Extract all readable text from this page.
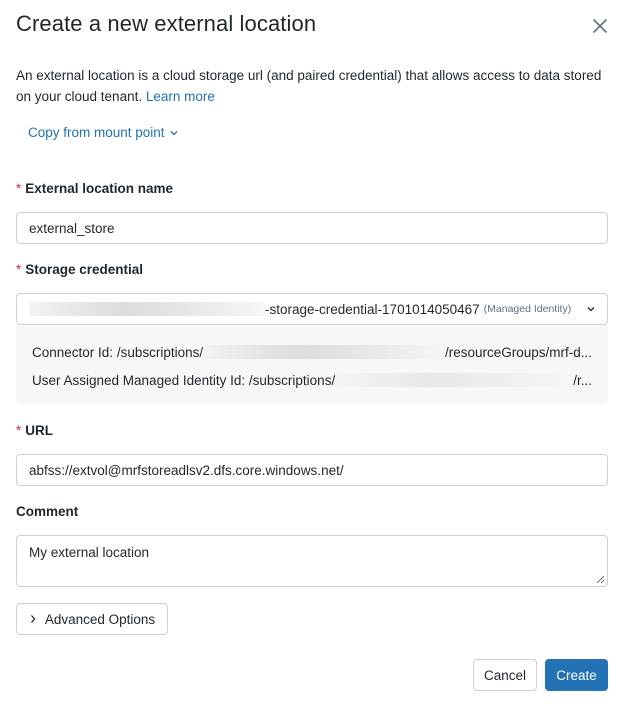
Create a new external location
An external location is a cloud storage url (and paired credential) that allows access to data stored on your cloud tenant. Learn more
Copy from mount point
* External location name
external_store
* Storage credential
-storage-credential-1701014050467 (Managed Identity)
Connector Id:
/subscriptions/	/resourceGroups/mrf-d...
User Assigned Managed Identity Id:
/subscriptions/	/r...
* URL
abfss://extvol@mrfstoreadlsv2.dfs.core.windows.net/
Comment
My external location
Advanced Options
Cancel	Create
